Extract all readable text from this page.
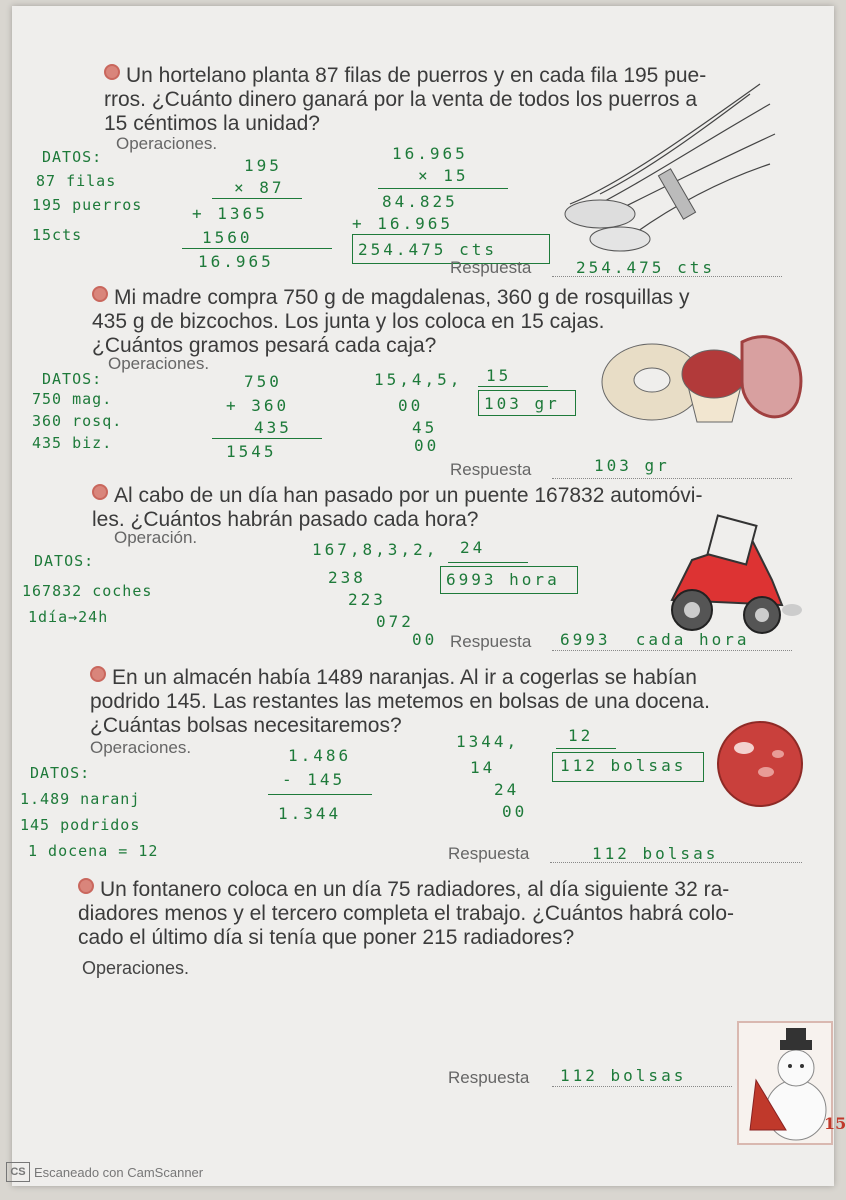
Un hortelano planta 87 filas de puerros y en cada fila 195 pue-
rros. ¿Cuánto dinero ganará por la venta de todos los puerros a
15 céntimos la unidad?
Operaciones.
DATOS:
87 filas
195 puerros
15cts
195
× 87
+ 1365
1560
16.965
16.965
× 15
84.825
+ 16.965
254.475 cts
Respuesta	254.475 cts
Mi madre compra 750 g de magdalenas, 360 g de rosquillas y
435 g de bizcochos. Los junta y los coloca en 15 cajas.
¿Cuántos gramos pesará cada caja?
Operaciones.
DATOS:
750 mag.
360 rosq.
435 biz.
750
+ 360
435
1545
15,4,5, 15
00
45
00
103 gr
Respuesta	103 gr
Al cabo de un día han pasado por un puente 167832 automóvi-
les. ¿Cuántos habrán pasado cada hora?
Operación.
DATOS:
167832 coches
1día→24h
167,8,3,2, 24
238
223
072
00
6993 hora
Respuesta 6993  cada hora
En un almacén había 1489 naranjas. Al ir a cogerlas se habían
podrido 145. Las restantes las metemos en bolsas de una docena.
¿Cuántas bolsas necesitaremos?
Operaciones.
DATOS:
1.489 naranj
145 podridos
1 docena = 12
1.486
- 145
1.344
1344,	12
14
24
00
112 bolsas
Respuesta	112 bolsas
Un fontanero coloca en un día 75 radiadores, al día siguiente 32 ra-
diadores menos y el tercero completa el trabajo. ¿Cuántos habrá colo-
cado el último día si tenía que poner 215 radiadores?
Operaciones.
Respuesta 112 bolsas
15
CS Escaneado con CamScanner
